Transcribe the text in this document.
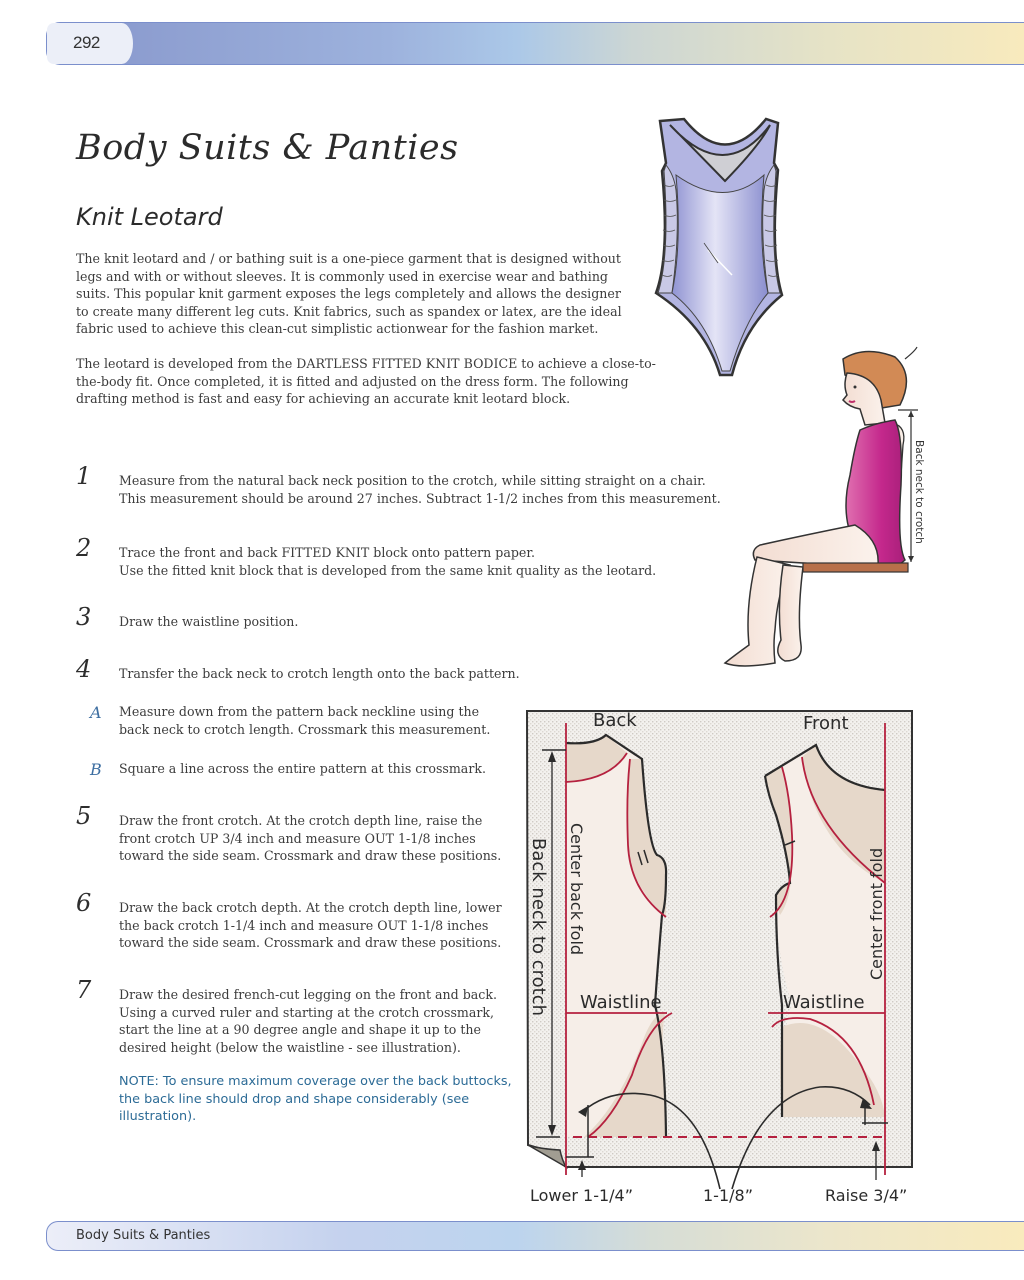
292
Body Suits & Panties
Knit Leotard
The knit leotard and / or bathing suit is a one-piece garment that is designed without legs and with or without sleeves. It is commonly used in exercise wear and bathing suits. This popular knit garment exposes the legs completely and allows the designer to create many different leg cuts. Knit fabrics, such as spandex or latex, are the ideal fabric used to achieve this clean-cut simplistic actionwear for the fashion market.
The leotard is developed from the DARTLESS FITTED KNIT BODICE to achieve a close-to-the-body fit. Once completed, it is fitted and adjusted on the dress form. The following drafting method is fast and easy for achieving an accurate knit leotard block.
1 Measure from the natural back neck position to the crotch, while sitting straight on a chair.
This measurement should be around 27 inches. Subtract 1-1/2 inches from this measurement.
2 Trace the front and back FITTED KNIT block onto pattern paper.
Use the fitted knit block that is developed from the same knit quality as the leotard.
3 Draw the waistline position.
4 Transfer the back neck to crotch length onto the back pattern.
A Measure down from the pattern back neckline using the
back neck to crotch length. Crossmark this measurement.
B Square a line across the entire pattern at this crossmark.
5 Draw the front crotch. At the crotch depth line, raise the
front crotch UP 3/4 inch and measure OUT 1-1/8 inches
toward the side seam. Crossmark and draw these positions.
6 Draw the back crotch depth. At the crotch depth line, lower
the back crotch 1-1/4 inch and measure OUT 1-1/8 inches
toward the side seam. Crossmark and draw these positions.
7 Draw the desired french-cut legging on the front and back.
Using a curved ruler and starting at the crotch crossmark,
start the line at a 90 degree angle and shape it up to the
desired height (below the waistline - see illustration).
NOTE: To ensure maximum coverage over the back buttocks, the back line should drop and shape considerably (see illustration).
Back neck to crotch
Back	Front
Center back fold	Center front fold
Back neck to crotch Waistline	Waistline
Lower 1-1/4”	1-1/8”	Raise 3/4”
Body Suits & Panties
